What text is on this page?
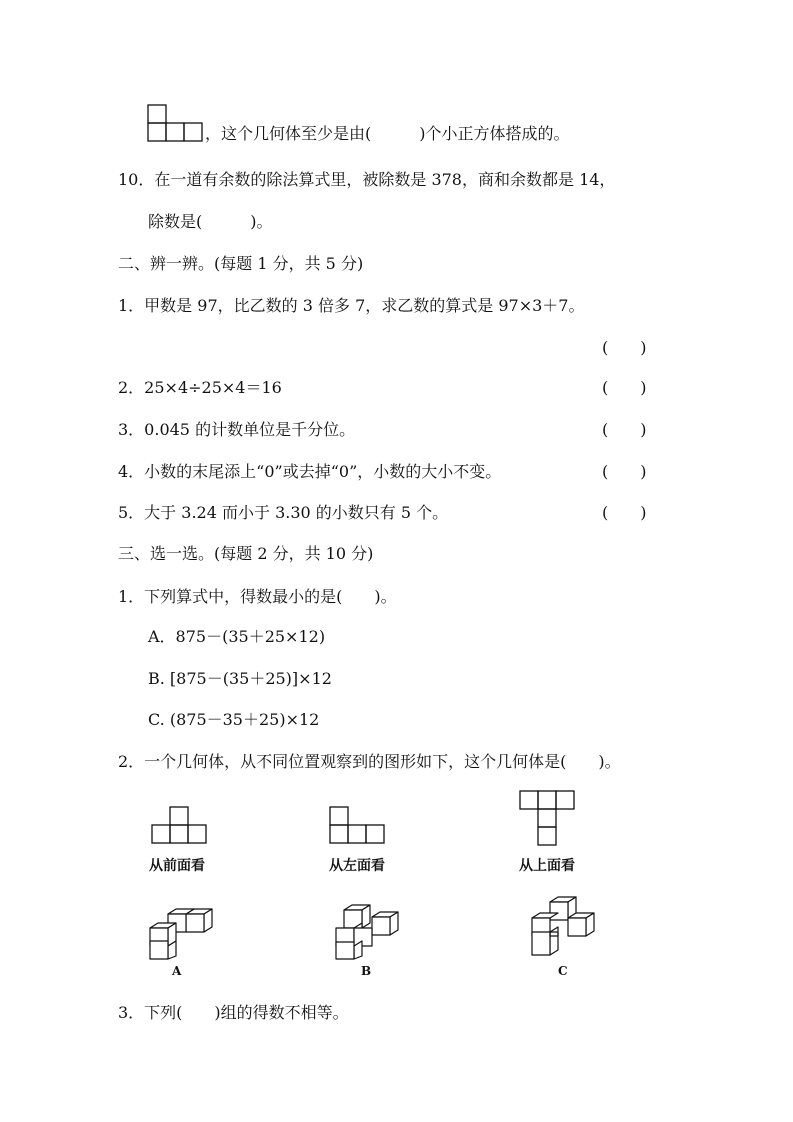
，这个几何体至少是由(　　　)个小正方体搭成的。
10．在一道有余数的除法算式里，被除数是 378，商和余数都是 14，
除数是(　　　)。
二、辨一辨。(每题 1 分，共 5 分)
1．甲数是 97，比乙数的 3 倍多 7，求乙数的算式是 97×3＋7。
(　　)
2．25×4÷25×4＝16	(　　)
3．0.045 的计数单位是千分位。	(　　)
4．小数的末尾添上“0”或去掉“0”，小数的大小不变。	(　　)
5．大于 3.24 而小于 3.30 的小数只有 5 个。	(　　)
三、选一选。(每题 2 分，共 10 分)
1．下列算式中，得数最小的是(　　)。
A．875－(35＋25×12)
B. [875－(35＋25)]×12
C. (875－35＋25)×12
2．一个几何体，从不同位置观察到的图形如下，这个几何体是(　　)。
从前面看	从左面看	从上面看
A	B	C
3．下列(　　)组的得数不相等。
